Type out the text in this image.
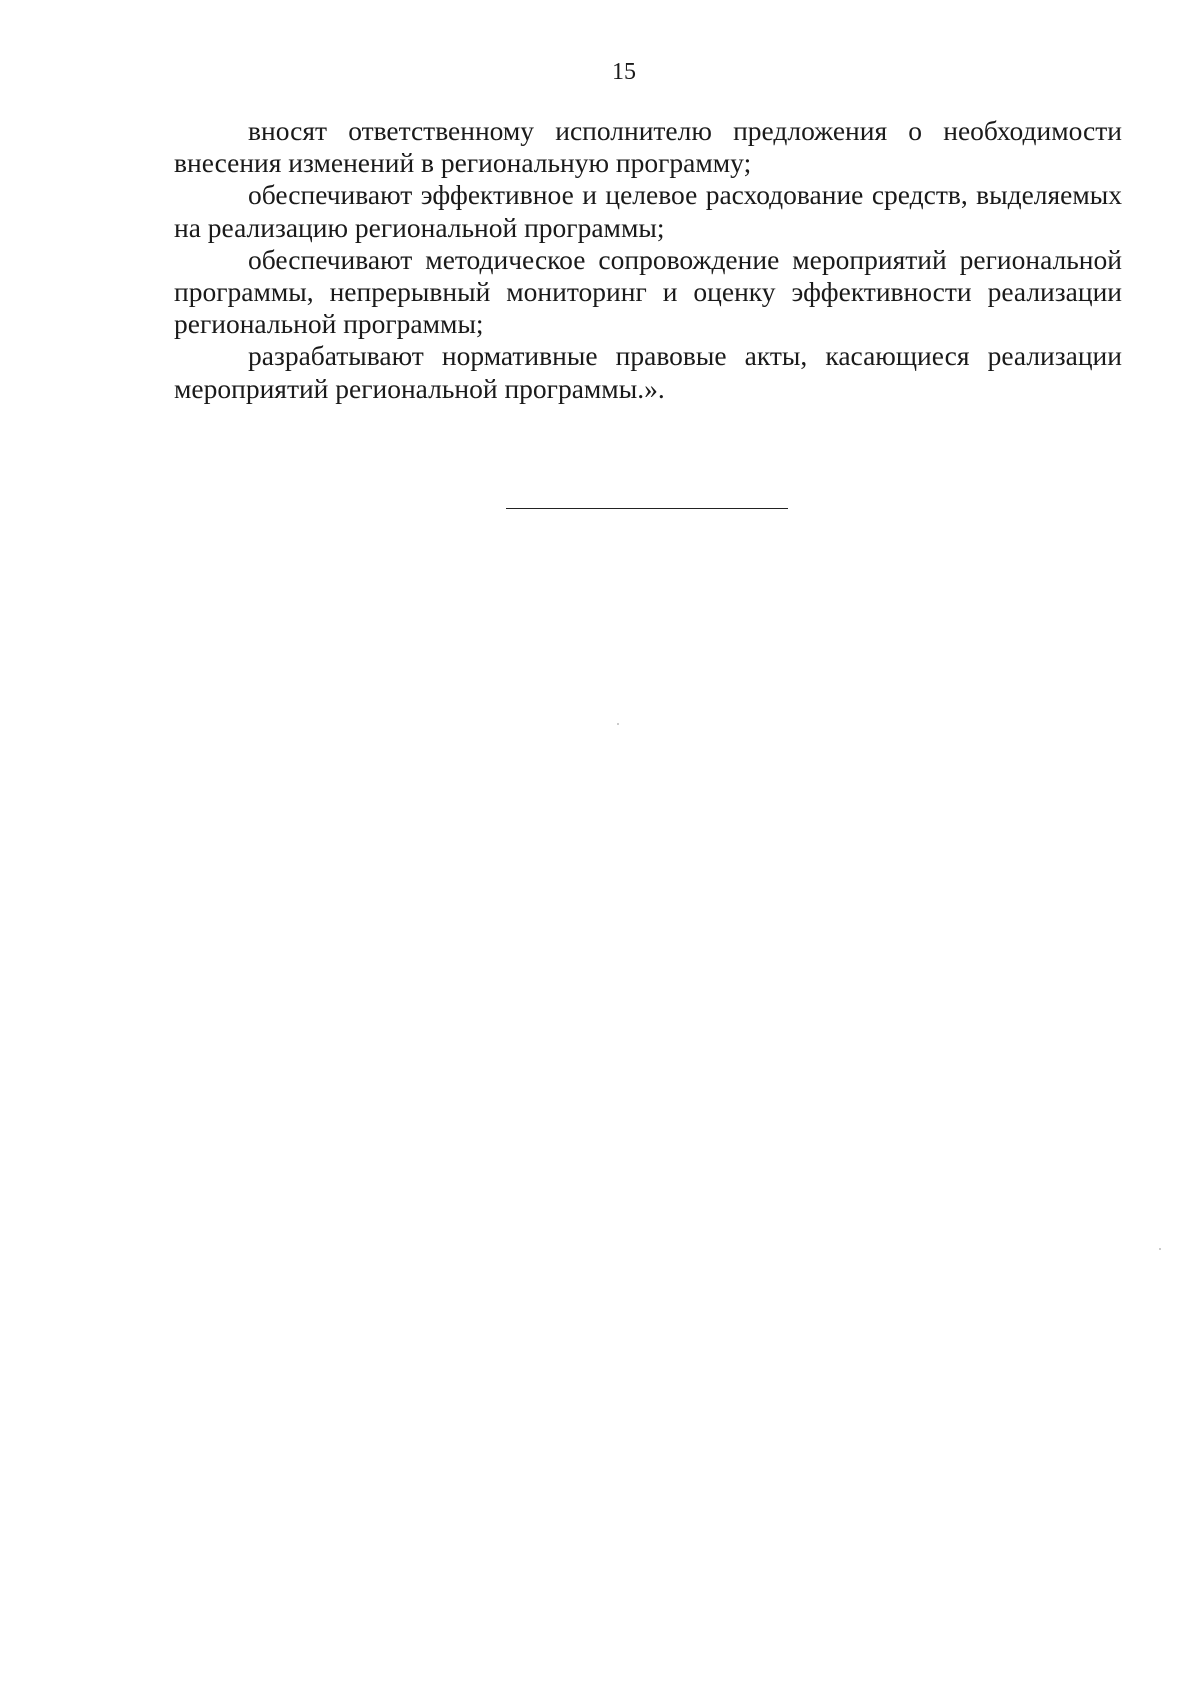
15

вносят ответственному исполнителю предложения о необходимости внесения изменений в региональную программу;

обеспечивают эффективное и целевое расходование средств, выделяемых на реализацию региональной программы;

обеспечивают методическое сопровождение мероприятий региональной программы, непрерывный мониторинг и оценку эффективности реализации региональной программы;

разрабатывают нормативные правовые акты, касающиеся реализации мероприятий региональной программы.».
